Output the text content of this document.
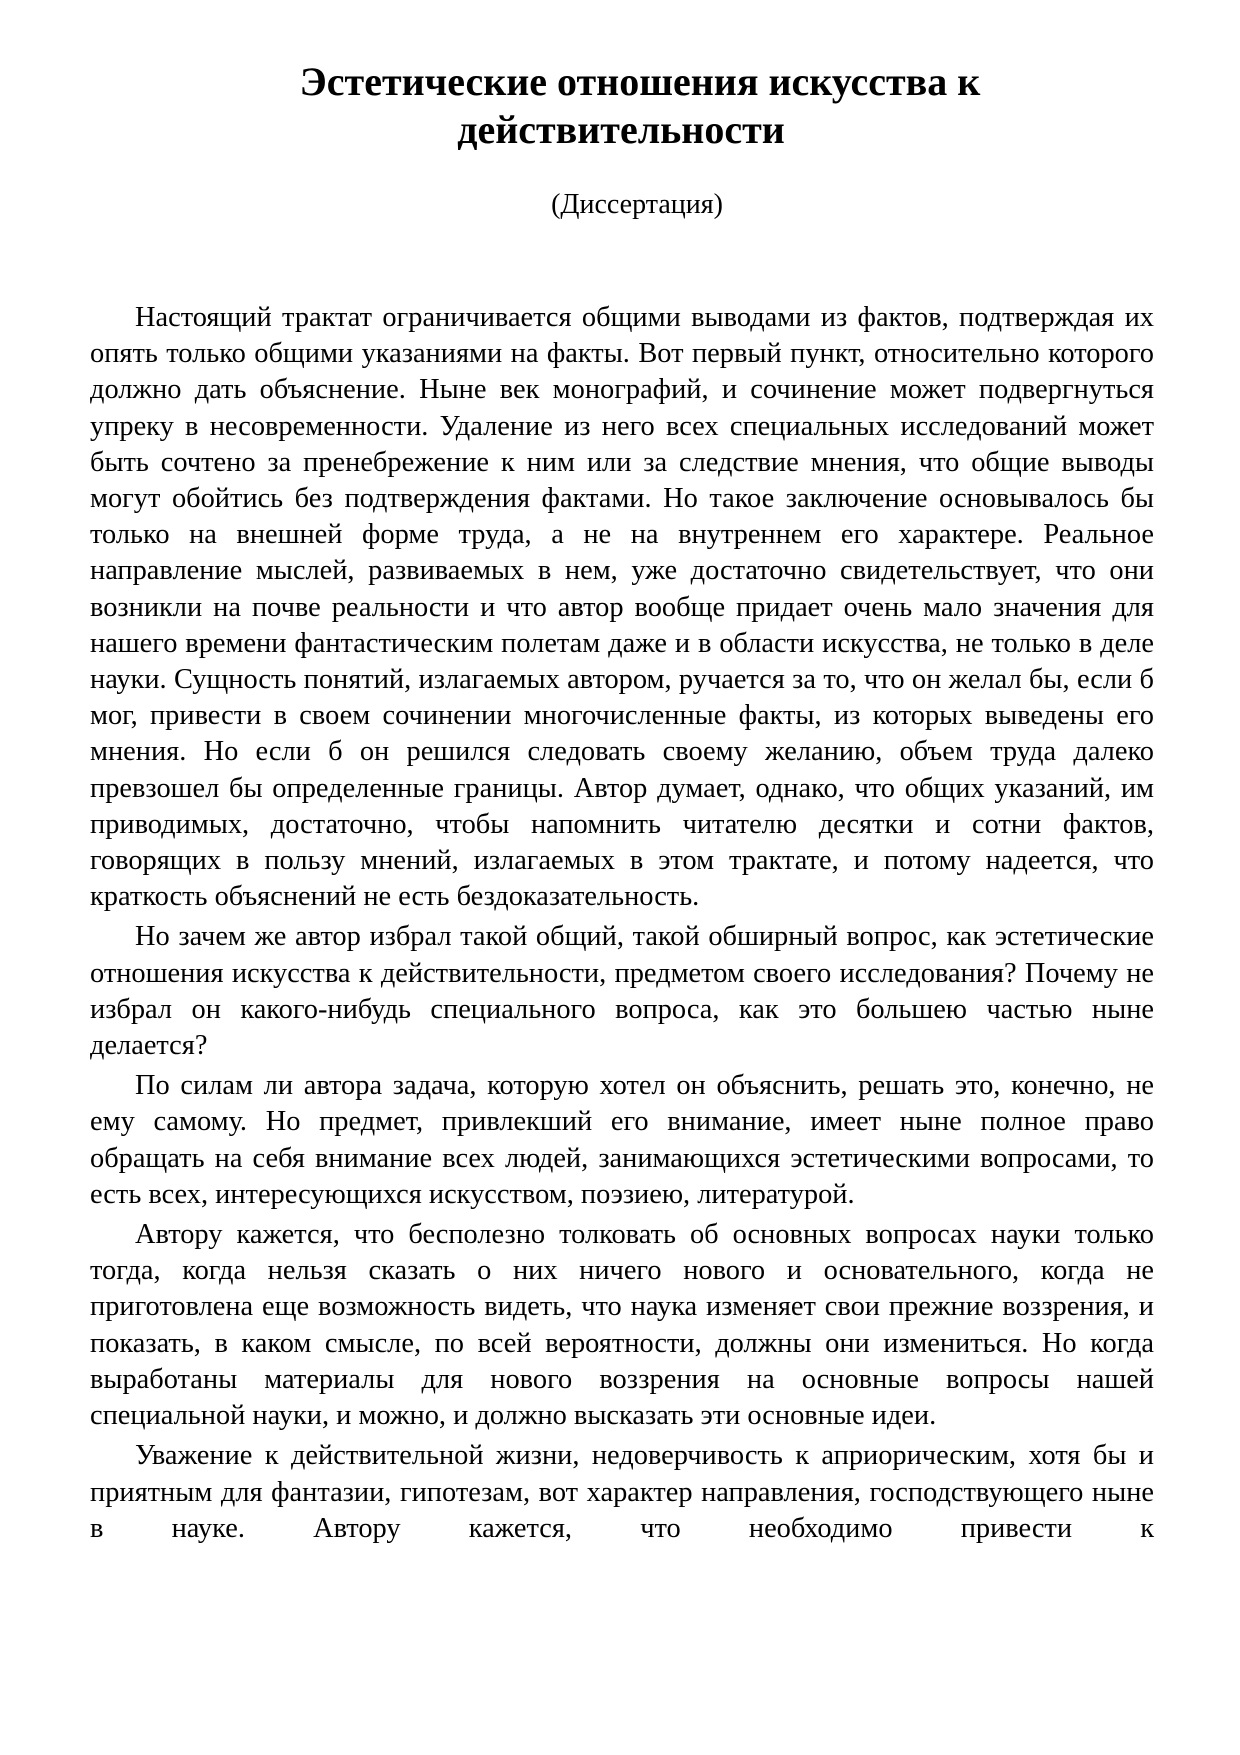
Эстетические отношения искусства к
действительности

(Диссертация)

Настоящий трактат ограничивается общими выводами из фактов, подтверждая их опять только общими указаниями на факты. Вот первый пункт, относительно которого должно дать объяснение. Ныне век монографий, и сочинение может подвергнуться упреку в несовременности. Удаление из него всех специальных исследований может быть сочтено за пренебрежение к ним или за следствие мнения, что общие выводы могут обойтись без подтверждения фактами. Но такое заключение основывалось бы только на внешней форме труда, а не на внутреннем его характере. Реальное направление мыслей, развиваемых в нем, уже достаточно свидетельствует, что они возникли на почве реальности и что автор вообще придает очень мало значения для нашего времени фантастическим полетам даже и в области искусства, не только в деле науки. Сущность понятий, излагаемых автором, ручается за то, что он желал бы, если б мог, привести в своем сочинении многочисленные факты, из которых выведены его мнения. Но если б он решился следовать своему желанию, объем труда далеко превзошел бы определенные границы. Автор думает, однако, что общих указаний, им приводимых, достаточно, чтобы напомнить читателю десятки и сотни фактов, говорящих в пользу мнений, излагаемых в этом трактате, и потому надеется, что краткость объяснений не есть бездоказательность.

Но зачем же автор избрал такой общий, такой обширный вопрос, как эстетические отношения искусства к действительности, предметом своего исследования? Почему не избрал он какого-нибудь специального вопроса, как это большею частью ныне делается?

По силам ли автора задача, которую хотел он объяснить, решать это, конечно, не ему самому. Но предмет, привлекший его внимание, имеет ныне полное право обращать на себя внимание всех людей, занимающихся эстетическими вопросами, то есть всех, интересующихся искусством, поэзиею, литературой.

Автору кажется, что бесполезно толковать об основных вопросах науки только тогда, когда нельзя сказать о них ничего нового и основательного, когда не приготовлена еще возможность видеть, что наука изменяет свои прежние воззрения, и показать, в каком смысле, по всей вероятности, должны они измениться. Но когда выработаны материалы для нового воззрения на основные вопросы нашей специальной науки, и можно, и должно высказать эти основные идеи.

Уважение к действительной жизни, недоверчивость к априорическим, хотя бы и приятным для фантазии, гипотезам, вот характер направления, господствующего ныне в науке. Автору кажется, что необходимо привести к
